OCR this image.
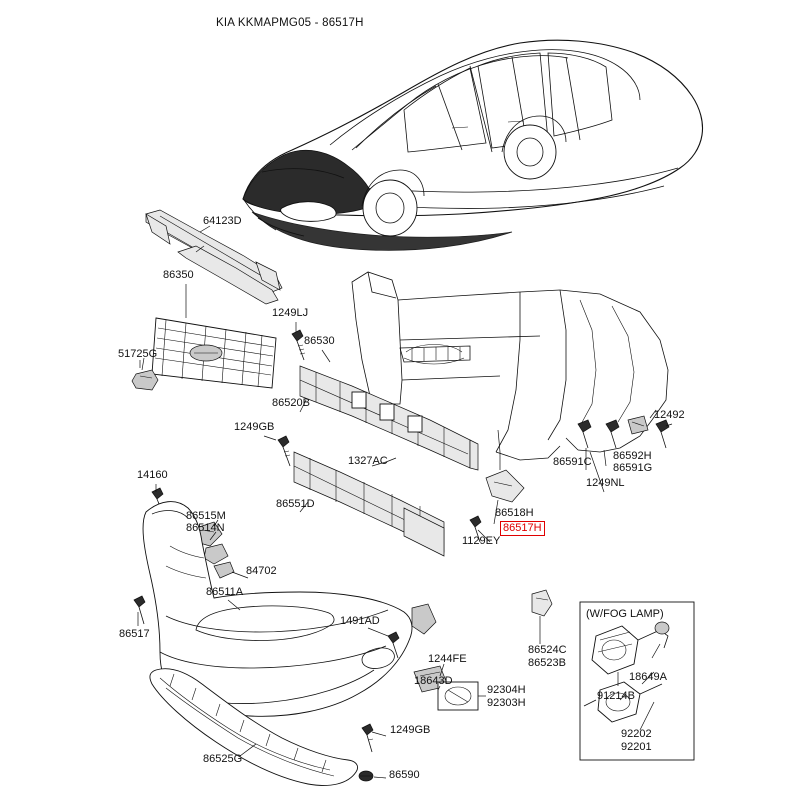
KIA KKMAPMG05 - 86517H
64123D
86350
1249LJ
86530
51725G
86520B
1249GB
1327AC
12492
86591C 86592H
86591G
1249NL
14160
86515M
86514N
86551D
86518H
86517H
1129EY
84702
86511A
86517
1491AD
1244FE
18643D
92304H
92303H
86524C
86523B
18649A
91214B
92202
92201
1249GB
86525G
86590
(W/FOG LAMP)
